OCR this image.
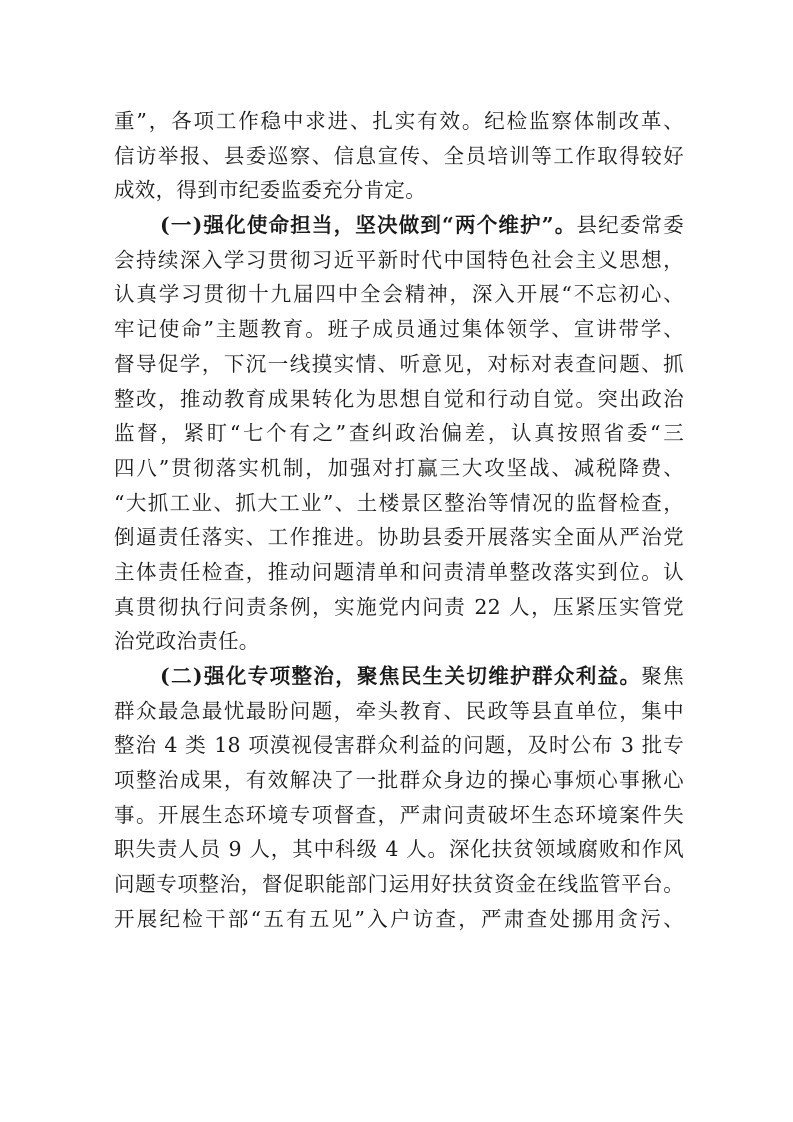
重”，各项工作稳中求进、扎实有效。纪检监察体制改革、
信访举报、县委巡察、信息宣传、全员培训等工作取得较好
成效，得到市纪委监委充分肯定。
(一)强化使命担当，坚决做到“两个维护”。县纪委常委
会持续深入学习贯彻习近平新时代中国特色社会主义思想，
认真学习贯彻十九届四中全会精神，深入开展“不忘初心、
牢记使命”主题教育。班子成员通过集体领学、宣讲带学、
督导促学，下沉一线摸实情、听意见，对标对表查问题、抓
整改，推动教育成果转化为思想自觉和行动自觉。突出政治
监督，紧盯“七个有之”查纠政治偏差，认真按照省委“三
四八”贯彻落实机制，加强对打赢三大攻坚战、减税降费、
“大抓工业、抓大工业”、土楼景区整治等情况的监督检查，
倒逼责任落实、工作推进。协助县委开展落实全面从严治党
主体责任检查，推动问题清单和问责清单整改落实到位。认
真贯彻执行问责条例，实施党内问责 22 人，压紧压实管党
治党政治责任。
(二)强化专项整治，聚焦民生关切维护群众利益。聚焦
群众最急最忧最盼问题，牵头教育、民政等县直单位，集中
整治 4 类 18 项漠视侵害群众利益的问题，及时公布 3 批专
项整治成果，有效解决了一批群众身边的操心事烦心事揪心
事。开展生态环境专项督查，严肃问责破坏生态环境案件失
职失责人员 9 人，其中科级 4 人。深化扶贫领域腐败和作风
问题专项整治，督促职能部门运用好扶贫资金在线监管平台。
开展纪检干部“五有五见”入户访查，严肃查处挪用贪污、
